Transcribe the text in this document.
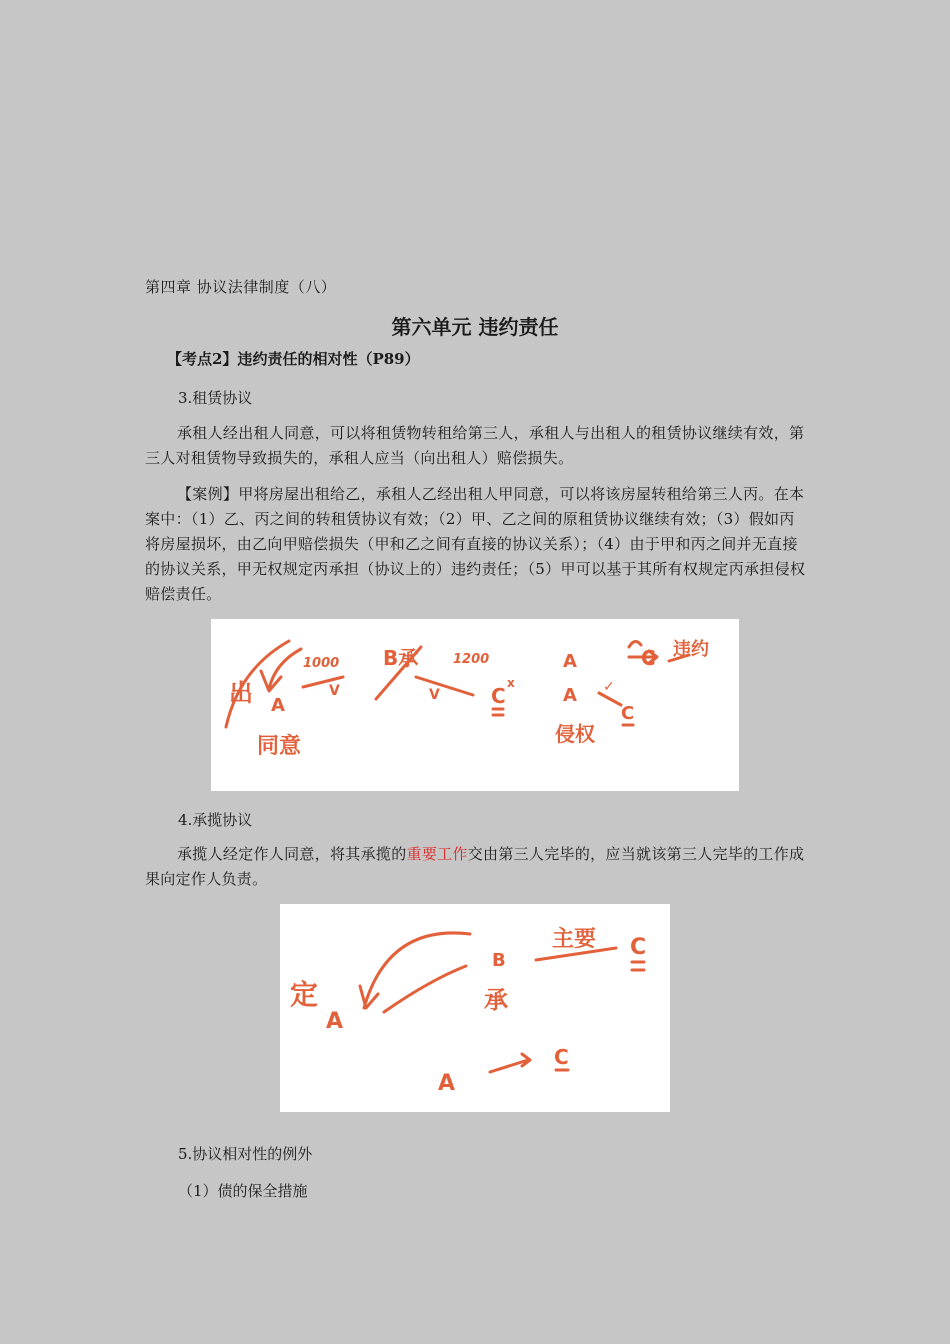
第四章 协议法律制度（八）
第六单元 违约责任
【考点2】违约责任的相对性（P89）
3.租赁协议
承租人经出租人同意，可以将租赁物转租给第三人，承租人与出租人的租赁协议继续有效，第三人对租赁物导致损失的，承租人应当（向出租人）赔偿损失。
【案例】甲将房屋出租给乙，承租人乙经出租人甲同意，可以将该房屋转租给第三人丙。在本案中：（1）乙、丙之间的转租赁协议有效；（2）甲、乙之间的原租赁协议继续有效；（3）假如丙将房屋损坏，由乙向甲赔偿损失（甲和乙之间有直接的协议关系）；（4）由于甲和丙之间并无直接的协议关系，甲无权规定丙承担（协议上的）违约责任；（5）甲可以基于其所有权规定丙承担侵权赔偿责任。
出 A
1000
V
同意
B承	1200
V	C
x
A	C 违约
A ✓
C
侵权
4.承揽协议
承揽人经定作人同意，将其承揽的重要工作交由第三人完毕的，应当就该第三人完毕的工作成果向定作人负责。
定
A
B
承
主要 C
A
C
5.协议相对性的例外
（1）债的保全措施
